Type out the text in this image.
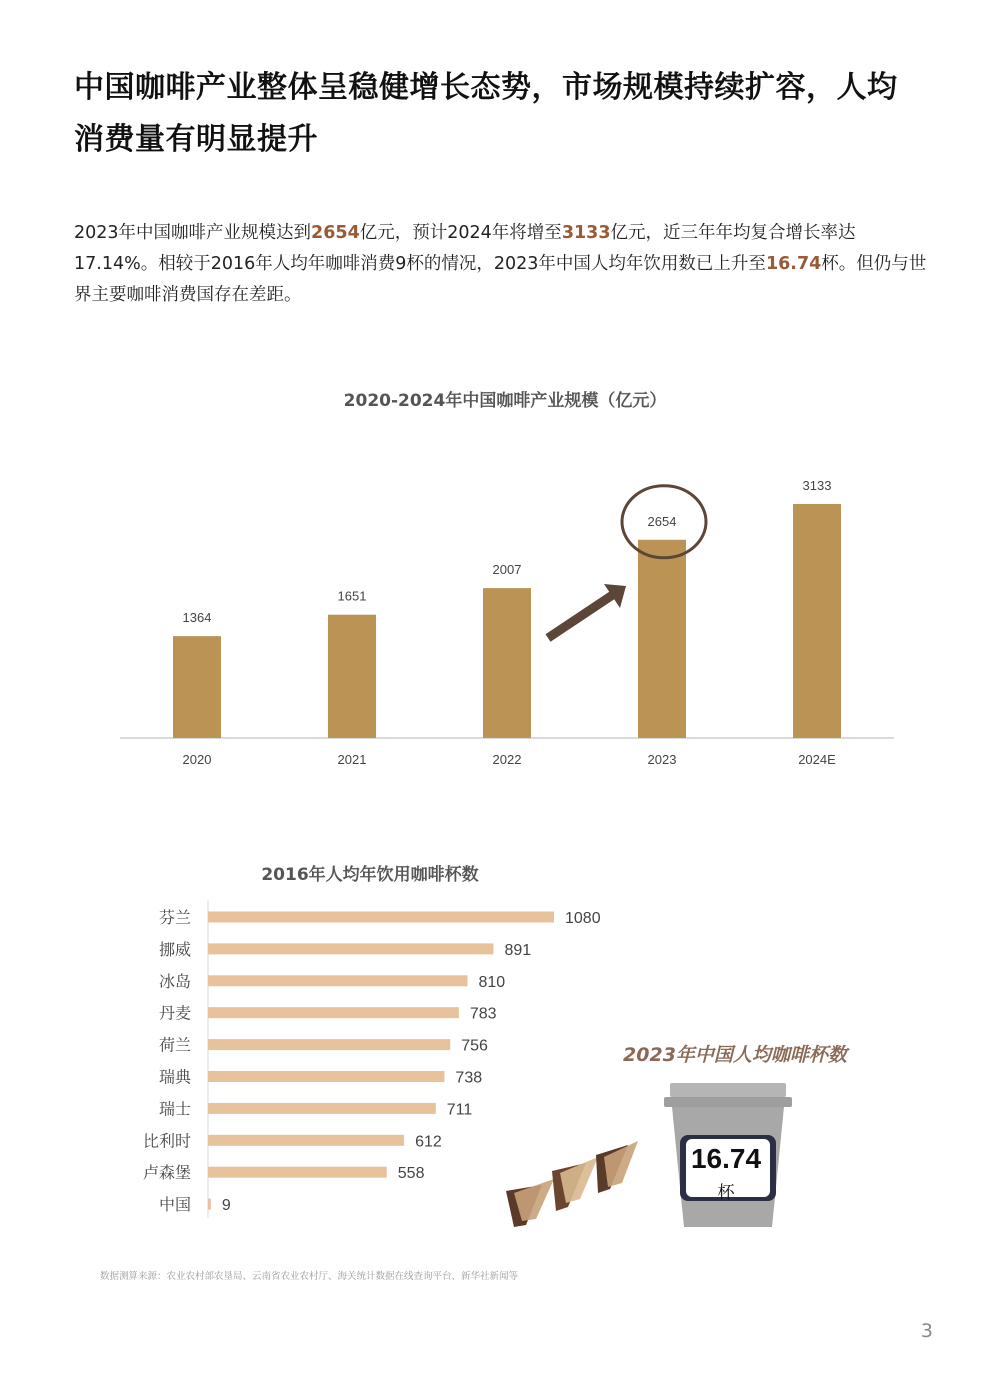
中国咖啡产业整体呈稳健增长态势，市场规模持续扩容，人均
消费量有明显提升
2023年中国咖啡产业规模达到2654亿元，预计2024年将增至3133亿元，近三年年均复合增长率达17.14%。相较于2016年人均年咖啡消费9杯的情况，2023年中国人均年饮用数已上升至16.74杯。但仍与世界主要咖啡消费国存在差距。
2020-2024年中国咖啡产业规模（亿元）
1364
2020
1651
2021
2007
2022
2654
2023
3133
2024E
2016年人均年饮用咖啡杯数
芬兰	1080
挪威	891
冰岛	810
丹麦	783
荷兰	756
瑞典	738
瑞士	711
比利时	612
卢森堡	558
中国 9
2023年中国人均咖啡杯数
16.74
杯
数据测算来源：农业农村部农垦局、云南省农业农村厅、海关统计数据在线查询平台、新华社新闻等
3
